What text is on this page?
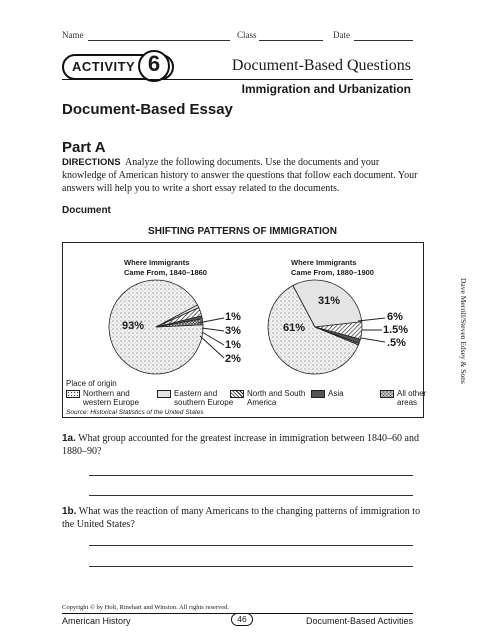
Name	Class	Date
ACTIVITY 6	Document-Based Questions
Immigration and Urbanization
Document-Based Essay
Part A
DIRECTIONS Analyze the following documents. Use the documents and your knowledge of American history to answer the questions that follow each document. Your answers will help you to write a short essay related to the documents.
Document
SHIFTING PATTERNS OF IMMIGRATION
Where Immigrants
Came From, 1840–1860
Where Immigrants
Came From, 1880–1900
93%
1%
3%
1%
2%
61%
31%
6%
1.5%
.5%
Place of origin
Northern and
western Europe
Eastern and
southern Europe
North and South
America
Asia	All other
areas
Source: Historical Statistics of the United States
Dave Merrill/Steven Edsey & Sons
1a. What group accounted for the greatest increase in immigration between 1840–60 and 1880–90?
1b. What was the reaction of many Americans to the changing patterns of immigration to the United States?
Copyright © by Holt, Rinehart and Winston. All rights reserved.
American History	46	Document-Based Activities
